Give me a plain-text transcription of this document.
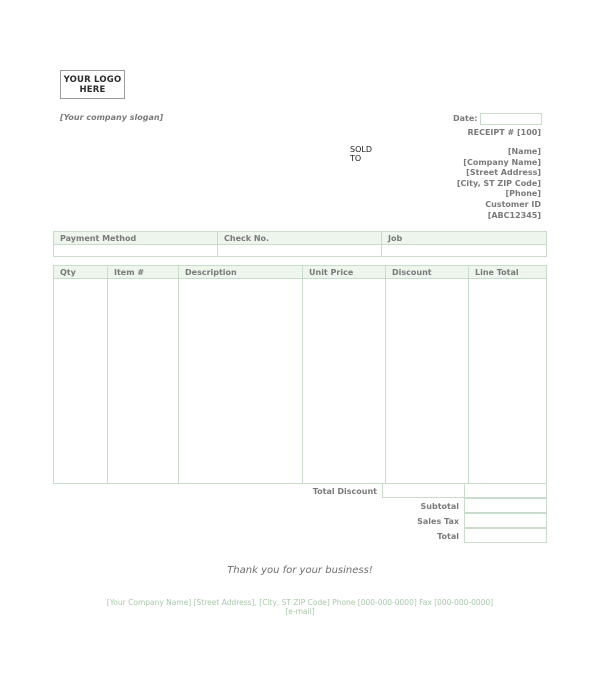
YOUR LOGO
HERE
[Your company slogan]	Date:
RECEIPT # [100]
SOLD TO
[Name]
[Company Name]
[Street Address]
[City, ST ZIP Code]
[Phone]
Customer ID
[ABC12345]
Payment Method	Check No.	Job

Qty	Item #	Description	Unit Price	Discount	Line Total

Total Discount
Subtotal
Sales Tax
Total
Thank you for your business!
[Your Company Name] [Street Address], [City, ST ZIP Code] Phone [000-000-0000] Fax [000-000-0000]
[e-mail]
